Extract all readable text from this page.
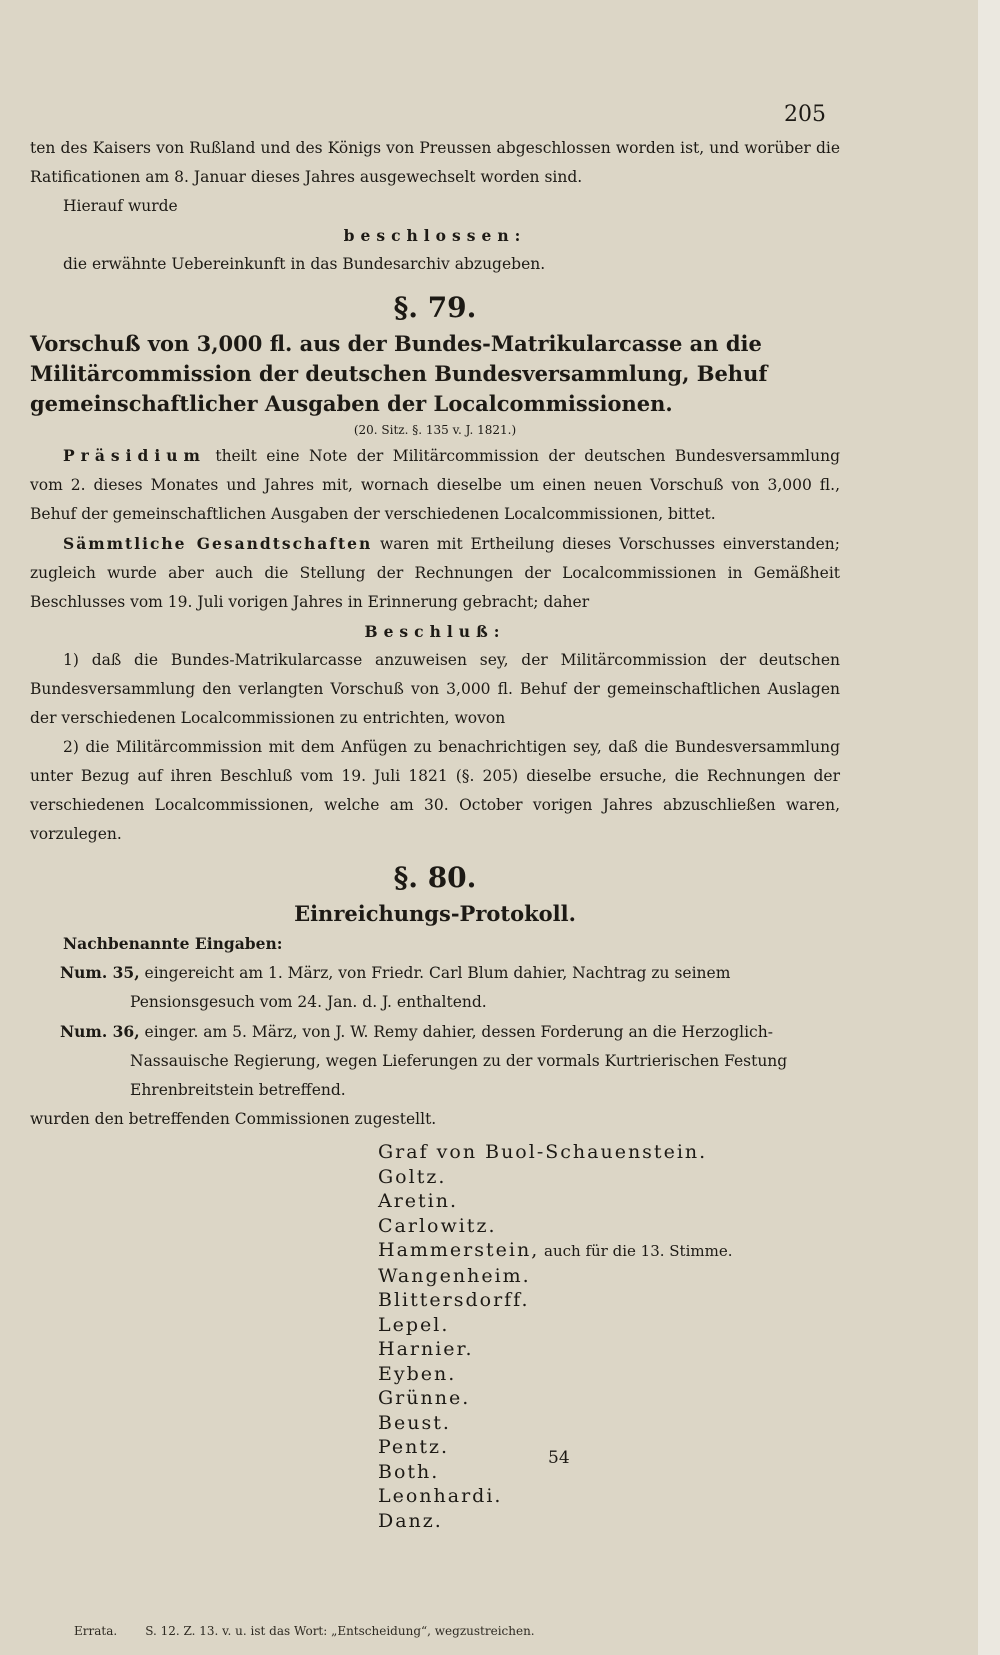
205

ten des Kaisers von Rußland und des Königs von Preussen abgeschlossen worden ist, und worüber die Ratificationen am 8. Januar dieses Jahres ausgewechselt worden sind.

Hierauf wurde

beschlossen:

die erwähnte Uebereinkunft in das Bundesarchiv abzugeben.

§. 79.

Vorschuß von 3,000 fl. aus der Bundes-Matrikularcasse an die Militärcommission der deutschen Bundesversammlung, Behuf gemeinschaftlicher Ausgaben der Localcommissionen.

(20. Sitz. §. 135 v. J. 1821.)

Präsidium theilt eine Note der Militärcommission der deutschen Bundesversammlung vom 2. dieses Monates und Jahres mit, wornach dieselbe um einen neuen Vorschuß von 3,000 fl., Behuf der gemeinschaftlichen Ausgaben der verschiedenen Localcommissionen, bittet.

Sämmtliche Gesandtschaften waren mit Ertheilung dieses Vorschusses einverstanden; zugleich wurde aber auch die Stellung der Rechnungen der Localcommissionen in Gemäßheit Beschlusses vom 19. Juli vorigen Jahres in Erinnerung gebracht; daher

Beschluß:

1) daß die Bundes-Matrikularcasse anzuweisen sey, der Militärcommission der deutschen Bundesversammlung den verlangten Vorschuß von 3,000 fl. Behuf der gemeinschaftlichen Auslagen der verschiedenen Localcommissionen zu entrichten, wovon

2) die Militärcommission mit dem Anfügen zu benachrichtigen sey, daß die Bundesversammlung unter Bezug auf ihren Beschluß vom 19. Juli 1821 (§. 205) dieselbe ersuche, die Rechnungen der verschiedenen Localcommissionen, welche am 30. October vorigen Jahres abzuschließen waren, vorzulegen.

§. 80.

Einreichungs-Protokoll.

Nachbenannte Eingaben:

Num. 35, eingereicht am 1. März, von Friedr. Carl Blum dahier, Nachtrag zu seinem Pensionsgesuch vom 24. Jan. d. J. enthaltend.

Num. 36, einger. am 5. März, von J. W. Remy dahier, dessen Forderung an die Herzoglich-Nassauische Regierung, wegen Lieferungen zu der vormals Kurtrierischen Festung Ehrenbreitstein betreffend.

wurden den betreffenden Commissionen zugestellt.

Graf von Buol-Schauenstein.
Goltz.
Aretin.
Carlowitz.
Hammerstein, auch für die 13. Stimme.
Wangenheim.
Blittersdorff.
Lepel.
Harnier.
Eyben.
Grünne.
Beust.
Pentz.
Both.
Leonhardi.
Danz.
54
Errata. S. 12. Z. 13. v. u. ist das Wort: „Entscheidung“, wegzustreichen.
